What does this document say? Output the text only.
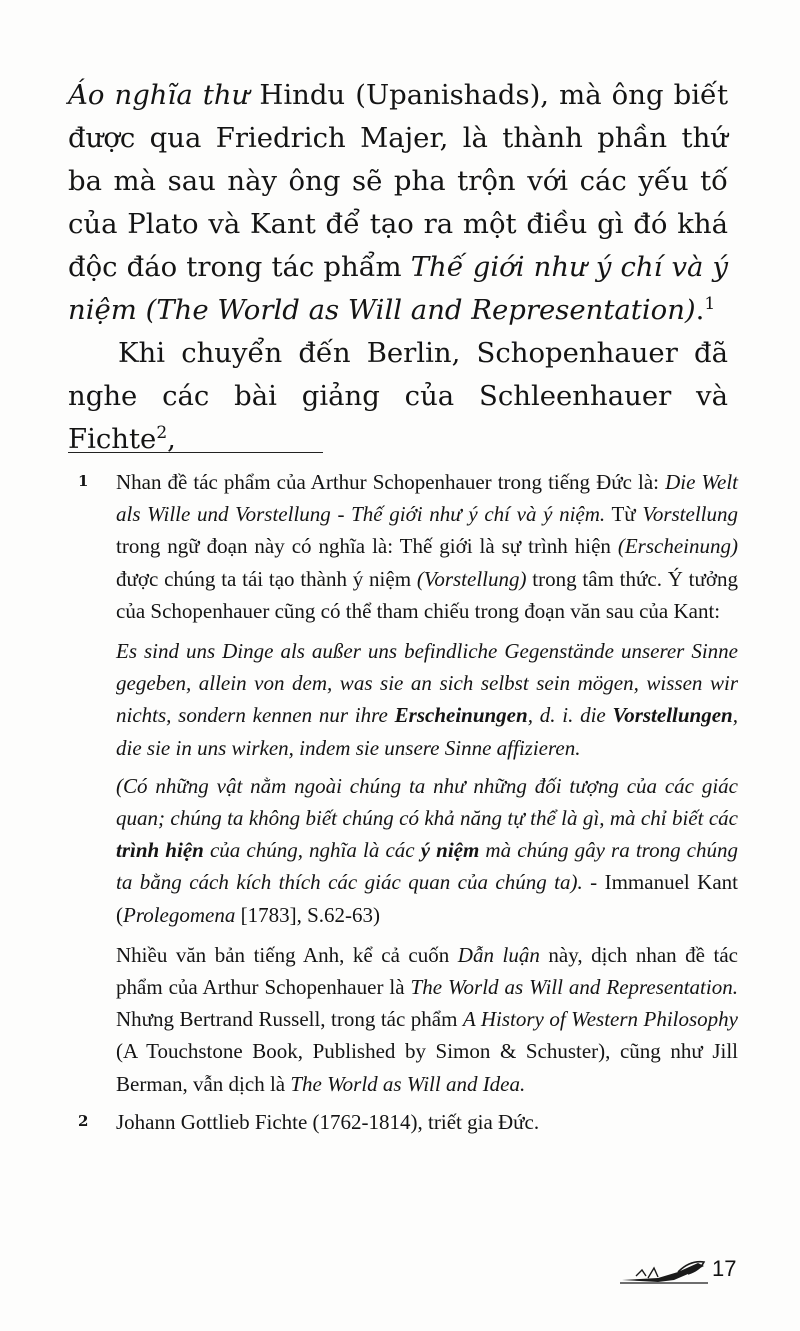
Áo nghĩa thư Hindu (Upanishads), mà ông biết được qua Friedrich Majer, là thành phần thứ ba mà sau này ông sẽ pha trộn với các yếu tố của Plato và Kant để tạo ra một điều gì đó khá độc đáo trong tác phẩm Thế giới như ý chí và ý niệm (The World as Will and Representation).$^1$

Khi chuyển đến Berlin, Schopenhauer đã nghe các bài giảng của Schleenhauer và Fichte$^2$,

1 Nhan đề tác phẩm của Arthur Schopenhauer trong tiếng Đức là: Die Welt als Wille und Vorstellung - Thế giới như ý chí và ý niệm. Từ Vorstellung trong ngữ đoạn này có nghĩa là: Thế giới là sự trình hiện (Erscheinung) được chúng ta tái tạo thành ý niệm (Vorstellung) trong tâm thức. Ý tưởng của Schopenhauer cũng có thể tham chiếu trong đoạn văn sau của Kant:

Es sind uns Dinge als außer uns befindliche Gegenstände unserer Sinne gegeben, allein von dem, was sie an sich selbst sein mögen, wissen wir nichts, sondern kennen nur ihre Erscheinungen, d. i. die Vorstellungen, die sie in uns wirken, indem sie unsere Sinne affizieren.

(Có những vật nằm ngoài chúng ta như những đối tượng của các giác quan; chúng ta không biết chúng có khả năng tự thể là gì, mà chỉ biết các trình hiện của chúng, nghĩa là các ý niệm mà chúng gây ra trong chúng ta bằng cách kích thích các giác quan của chúng ta). - Immanuel Kant (Prolegomena [1783], S.62-63)

Nhiều văn bản tiếng Anh, kể cả cuốn Dẫn luận này, dịch nhan đề tác phẩm của Arthur Schopenhauer là The World as Will and Representation. Nhưng Bertrand Russell, trong tác phẩm A History of Western Philosophy (A Touchstone Book, Published by Simon & Schuster), cũng như Jill Berman, vẫn dịch là The World as Will and Idea.

2 Johann Gottlieb Fichte (1762-1814), triết gia Đức.

17
